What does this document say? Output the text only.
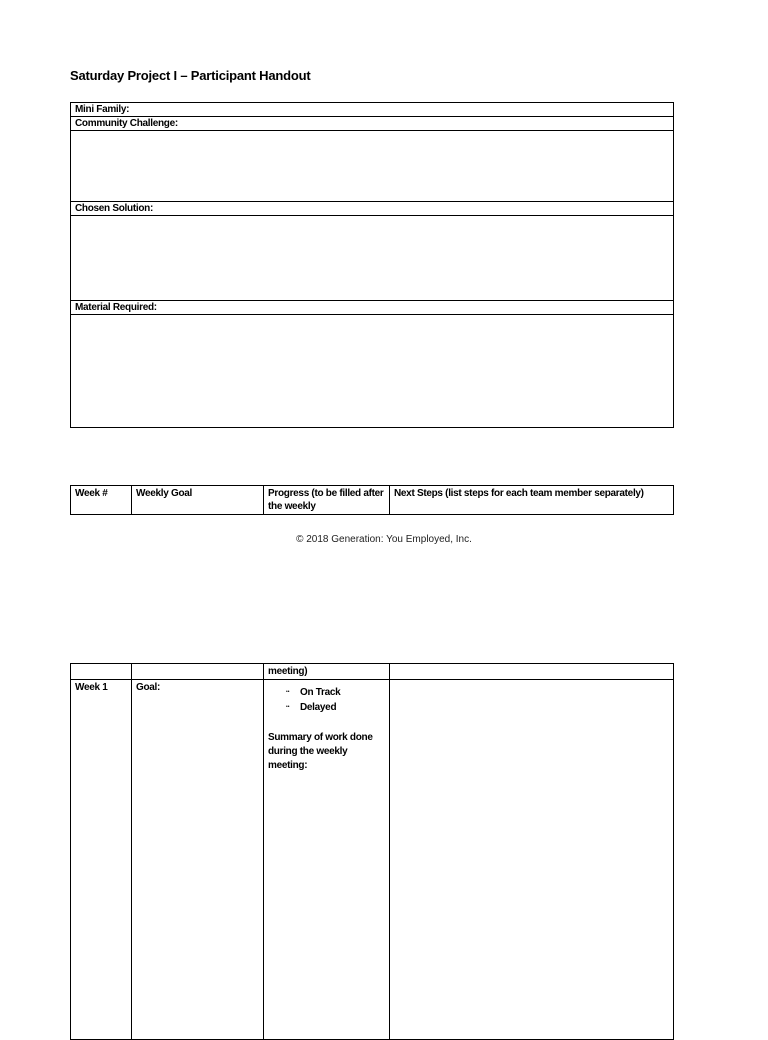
Saturday Project I – Participant Handout
Mini Family:
Community Challenge:

Chosen Solution:

Material Required:

Week #	Weekly Goal	Progress (to be filled after the weekly	Next Steps (list steps for each team member separately)
© 2018 Generation: You Employed, Inc.
		meeting)	
Week 1	Goal:	•• On Track
•• Delayed
Summary of work done during the weekly meeting:	
